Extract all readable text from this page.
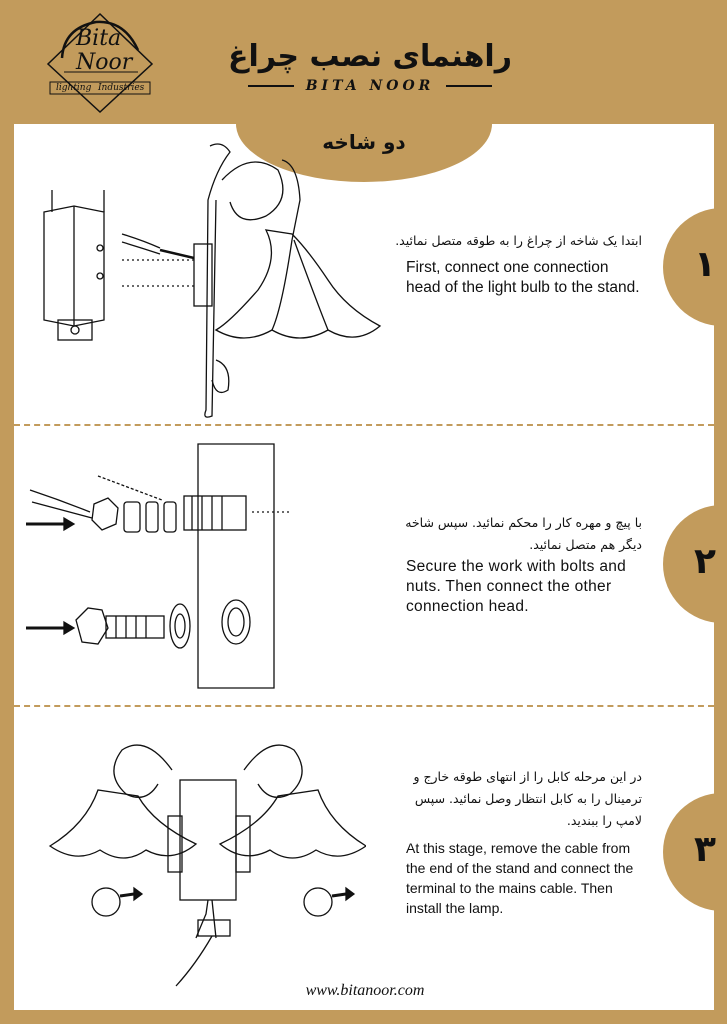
Bita
Noor
lighting Industries
راهنمای نصب چراغ
BITA NOOR
دو شاخه
۱
۲
۳
ابتدا یک شاخه از چراغ را به طوقه متصل نمائید.
First, connect one connection head of the light bulb to the stand.
با پیچ و مهره کار را محکم نمائید. سپس شاخه دیگر هم متصل نمائید.
Secure the work with bolts and nuts. Then connect the other connection head.
در این مرحله کابل را از انتهای طوقه خارج و ترمینال را به کابل انتظار وصل نمائید. سپس لامپ را ببندید.
At this stage, remove the cable from the end of the stand and connect the terminal to the mains cable. Then install the lamp.
www.bitanoor.com
